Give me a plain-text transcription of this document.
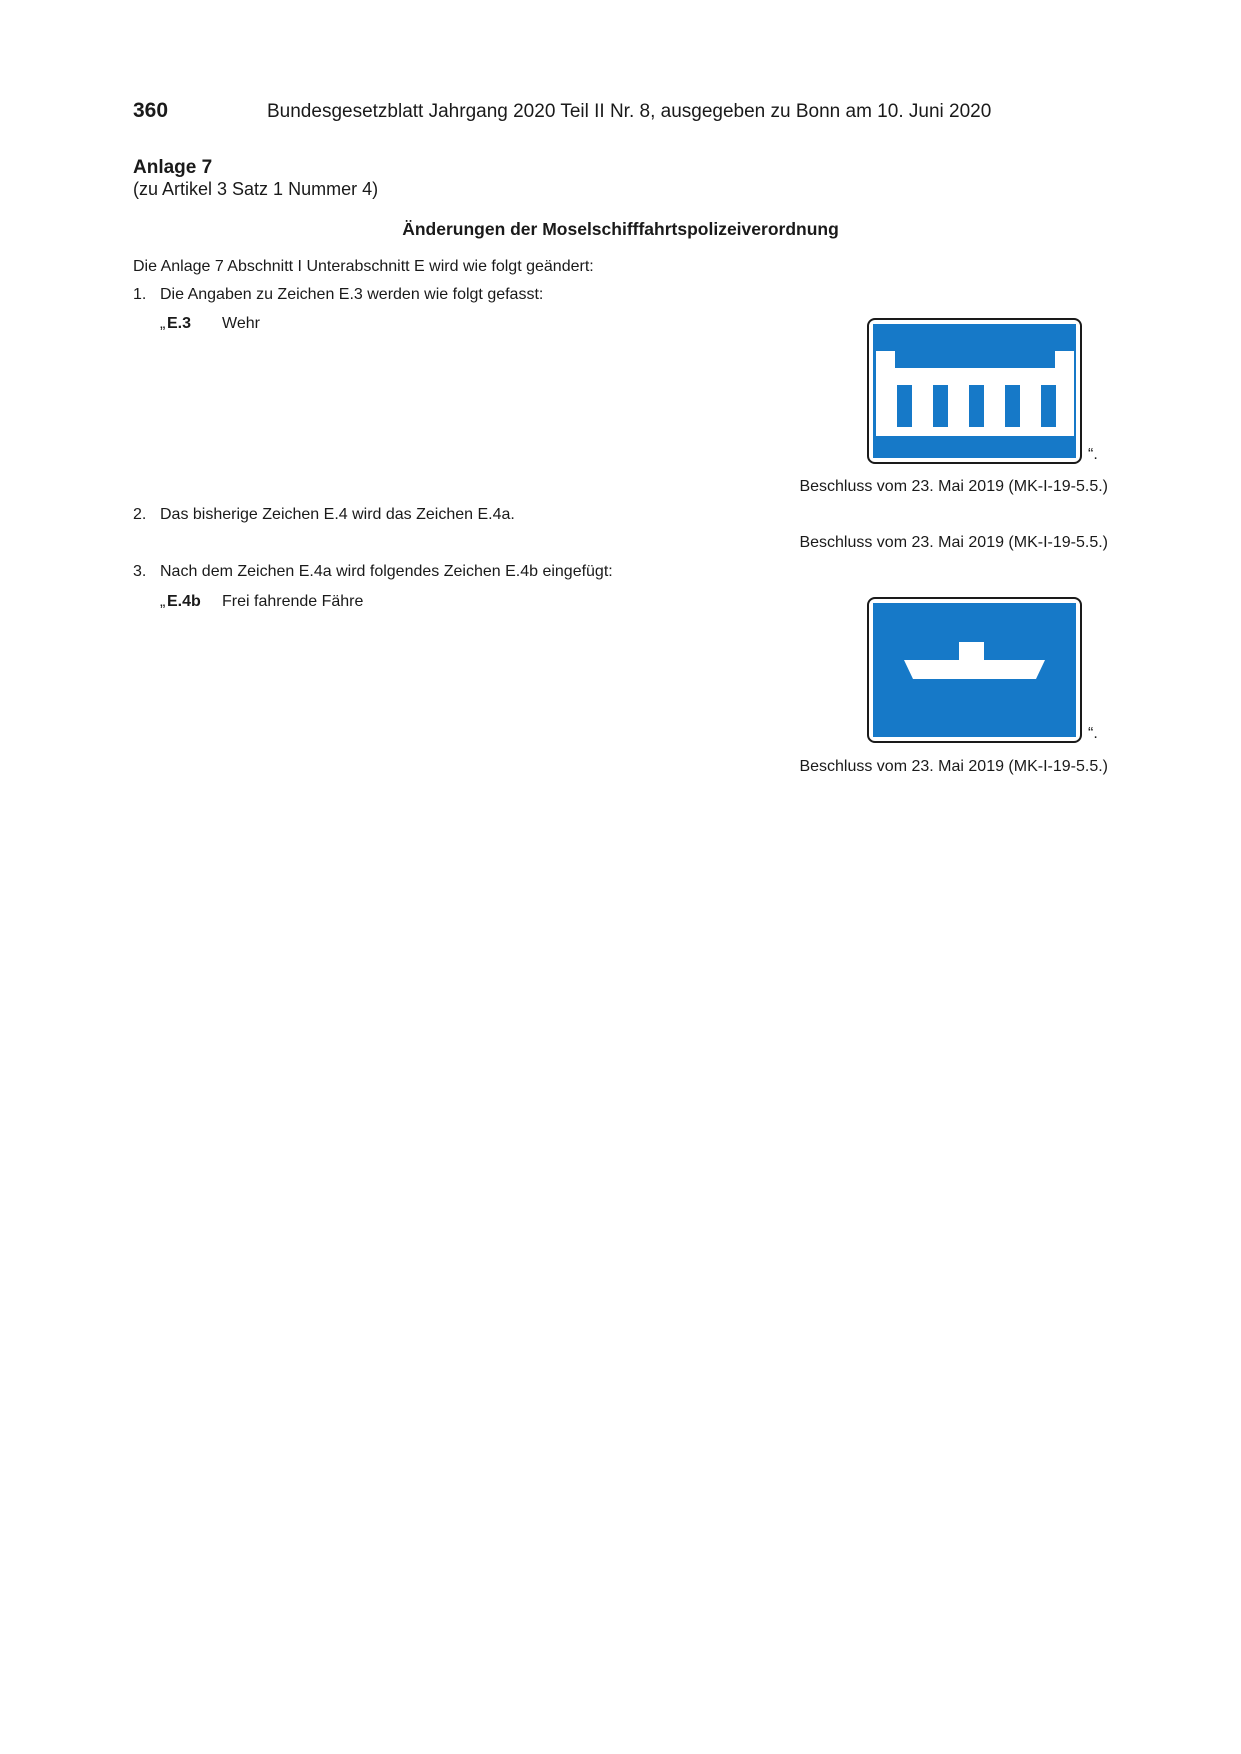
360	Bundesgesetzblatt Jahrgang 2020 Teil II Nr. 8, ausgegeben zu Bonn am 10. Juni 2020
Anlage 7
(zu Artikel 3 Satz 1 Nummer 4)
Änderungen der Moselschifffahrtspolizeiverordnung
Die Anlage 7 Abschnitt I Unterabschnitt E wird wie folgt geändert:
1. Die Angaben zu Zeichen E.3 werden wie folgt gefasst:
„ E.3 Wehr
“.
Beschluss vom 23. Mai 2019 (MK-I-19-5.5.)
2. Das bisherige Zeichen E.4 wird das Zeichen E.4a.
Beschluss vom 23. Mai 2019 (MK-I-19-5.5.)
3. Nach dem Zeichen E.4a wird folgendes Zeichen E.4b eingefügt:
„ E.4b Frei fahrende Fähre
“.
Beschluss vom 23. Mai 2019 (MK-I-19-5.5.)
